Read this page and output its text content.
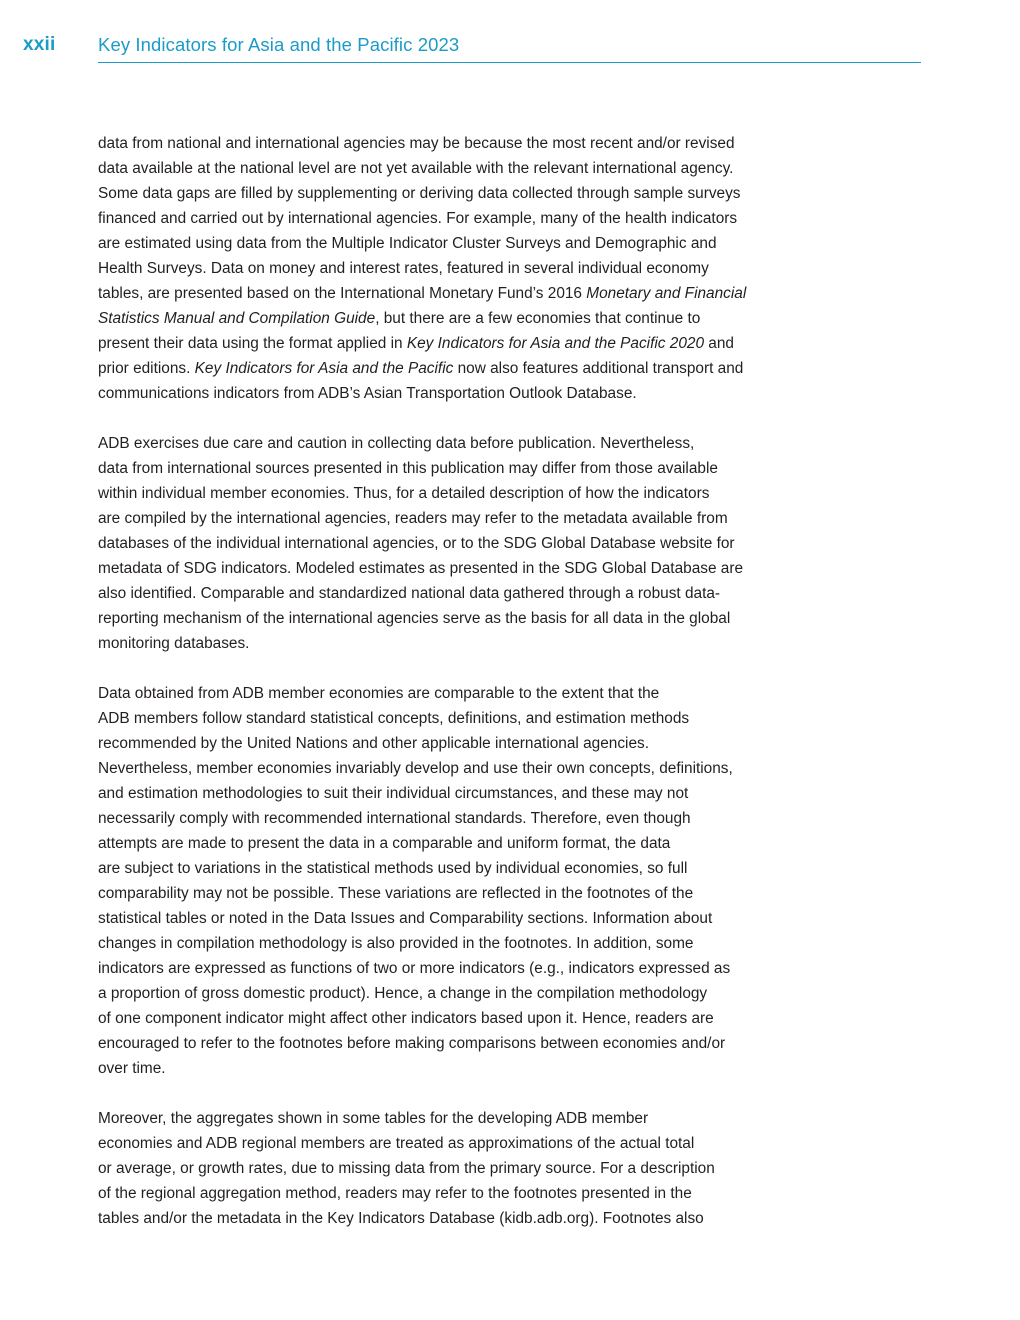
xxii Key Indicators for Asia and the Pacific 2023
data from national and international agencies may be because the most recent and/or revised
data available at the national level are not yet available with the relevant international agency.
Some data gaps are filled by supplementing or deriving data collected through sample surveys
financed and carried out by international agencies. For example, many of the health indicators
are estimated using data from the Multiple Indicator Cluster Surveys and Demographic and
Health Surveys. Data on money and interest rates, featured in several individual economy
tables, are presented based on the International Monetary Fund’s 2016 Monetary and Financial
Statistics Manual and Compilation Guide, but there are a few economies that continue to
present their data using the format applied in Key Indicators for Asia and the Pacific 2020 and
prior editions. Key Indicators for Asia and the Pacific now also features additional transport and
communications indicators from ADB’s Asian Transportation Outlook Database.
ADB exercises due care and caution in collecting data before publication. Nevertheless,
data from international sources presented in this publication may differ from those available
within individual member economies. Thus, for a detailed description of how the indicators
are compiled by the international agencies, readers may refer to the metadata available from
databases of the individual international agencies, or to the SDG Global Database website for
metadata of SDG indicators. Modeled estimates as presented in the SDG Global Database are
also identified. Comparable and standardized national data gathered through a robust data-
reporting mechanism of the international agencies serve as the basis for all data in the global
monitoring databases.
Data obtained from ADB member economies are comparable to the extent that the
ADB members follow standard statistical concepts, definitions, and estimation methods
recommended by the United Nations and other applicable international agencies.
Nevertheless, member economies invariably develop and use their own concepts, definitions,
and estimation methodologies to suit their individual circumstances, and these may not
necessarily comply with recommended international standards. Therefore, even though
attempts are made to present the data in a comparable and uniform format, the data
are subject to variations in the statistical methods used by individual economies, so full
comparability may not be possible. These variations are reflected in the footnotes of the
statistical tables or noted in the Data Issues and Comparability sections. Information about
changes in compilation methodology is also provided in the footnotes. In addition, some
indicators are expressed as functions of two or more indicators (e.g., indicators expressed as
a proportion of gross domestic product). Hence, a change in the compilation methodology
of one component indicator might affect other indicators based upon it. Hence, readers are
encouraged to refer to the footnotes before making comparisons between economies and/or
over time.
Moreover, the aggregates shown in some tables for the developing ADB member
economies and ADB regional members are treated as approximations of the actual total
or average, or growth rates, due to missing data from the primary source. For a description
of the regional aggregation method, readers may refer to the footnotes presented in the
tables and/or the metadata in the Key Indicators Database (kidb.adb.org). Footnotes also
